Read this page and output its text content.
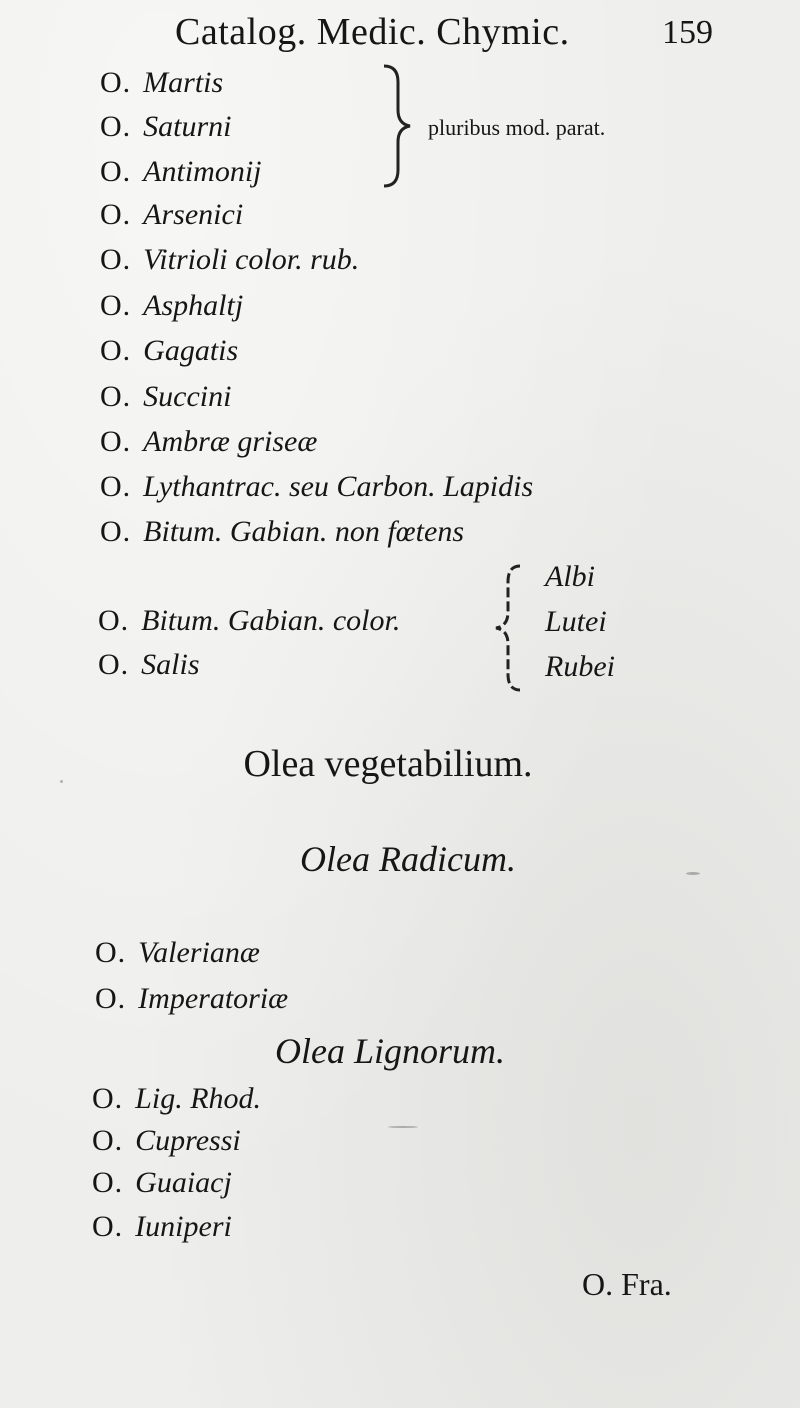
Catalog. Medic. Chymic.	159
O. Martis
O. Saturni
O. Antimonij
O. Arsenici
O. Vitrioli color. rub.
O. Asphaltj
O. Gagatis
O. Succini
O. Ambræ griseæ
O. Lythantrac. seu Carbon. Lapidis
O. Bitum. Gabian. non fœtens
O. Bitum. Gabian. color.
O. Salis
pluribus mod. parat.
Albi
Lutei
Rubei
Olea vegetabilium.
Olea Radicum.
O. Valerianæ
O. Imperatoriæ
Olea Lignorum.
O. Lig. Rhod.
O. Cupressi
O. Guaiacj
O. Iuniperi
O. Fra.
